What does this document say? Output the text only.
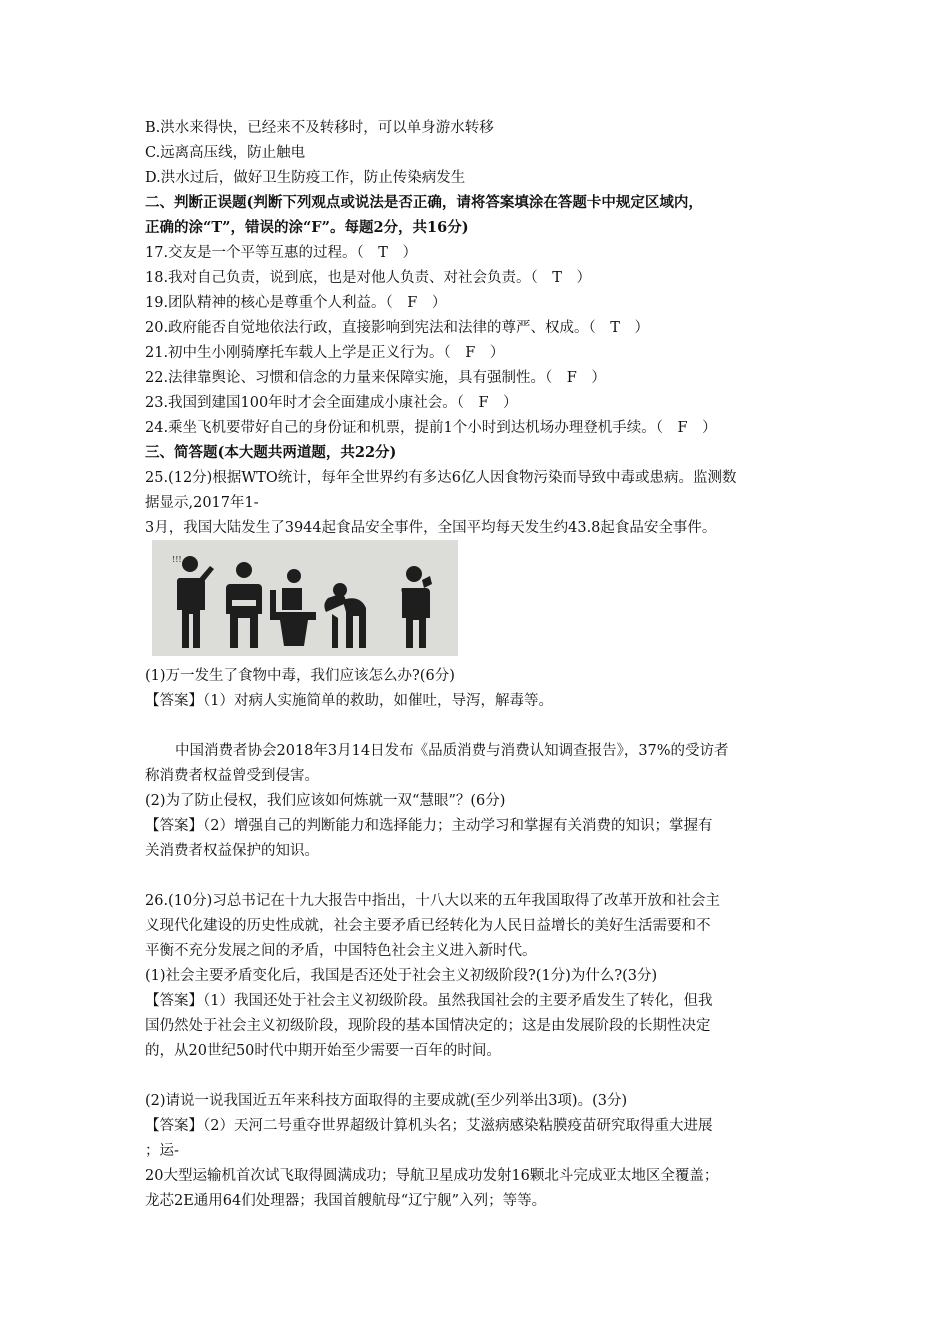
B.洪水来得快，已经来不及转移时，可以单身游水转移
C.远离高压线，防止触电
D.洪水过后，做好卫生防疫工作，防止传染病发生
二、判断正误题(判断下列观点或说法是否正确，请将答案填涂在答题卡中规定区域内，
正确的涂“T”，错误的涂“F”。每题2分，共16分)
17.交友是一个平等互惠的过程。（　T　）
18.我对自己负责，说到底，也是对他人负责、对社会负责。（　T　）
19.团队精神的核心是尊重个人利益。（　F　）
20.政府能否自觉地依法行政，直接影响到宪法和法律的尊严、权成。（　T　）
21.初中生小刚骑摩托车载人上学是正义行为。（　F　）
22.法律靠舆论、习惯和信念的力量来保障实施，具有强制性。（　F　）
23.我国到建国100年时才会全面建成小康社会。（　F　）
24.乘坐飞机要带好自己的身份证和机票，提前1个小时到达机场办理登机手续。（　F　）
三、简答题(本大题共两道题，共22分)
25.(12分)根据WTO统计，每年全世界约有多达6亿人因食物污染而导致中毒或患病。监测数
据显示,2017年1-
3月，我国大陆发生了3944起食品安全事件，全国平均每天发生约43.8起食品安全事件。
!!!
(1)万一发生了食物中毒，我们应该怎么办?(6分)
【答案】（1）对病人实施简单的救助，如催吐，导泻，解毒等。
中国消费者协会2018年3月14日发布《品质消费与消费认知调查报告》，37%的受访者
称消费者权益曾受到侵害。
(2)为了防止侵权，我们应该如何炼就一双“慧眼”？(6分)
【答案】（2）增强自己的判断能力和选择能力；主动学习和掌握有关消费的知识；掌握有
关消费者权益保护的知识。
26.(10分)习总书记在十九大报告中指出，十八大以来的五年我国取得了改革开放和社会主
义现代化建设的历史性成就，社会主要矛盾已经转化为人民日益增长的美好生活需要和不
平衡不充分发展之间的矛盾，中国特色社会主义进入新时代。
(1)社会主要矛盾变化后，我国是否还处于社会主义初级阶段?(1分)为什么?(3分)
【答案】（1）我国还处于社会主义初级阶段。虽然我国社会的主要矛盾发生了转化，但我
国仍然处于社会主义初级阶段，现阶段的基本国情决定的；这是由发展阶段的长期性决定
的，从20世纪50时代中期开始至少需要一百年的时间。
(2)请说一说我国近五年来科技方面取得的主要成就(至少列举出3项)。(3分)
【答案】（2）天河二号重夺世界超级计算机头名；艾滋病感染粘膜疫苗研究取得重大进展
；运-
20大型运输机首次试飞取得圆满成功；导航卫星成功发射16颗北斗完成亚太地区全覆盖；
龙芯2E通用64们处理器；我国首艘航母“辽宁舰”入列；等等。
